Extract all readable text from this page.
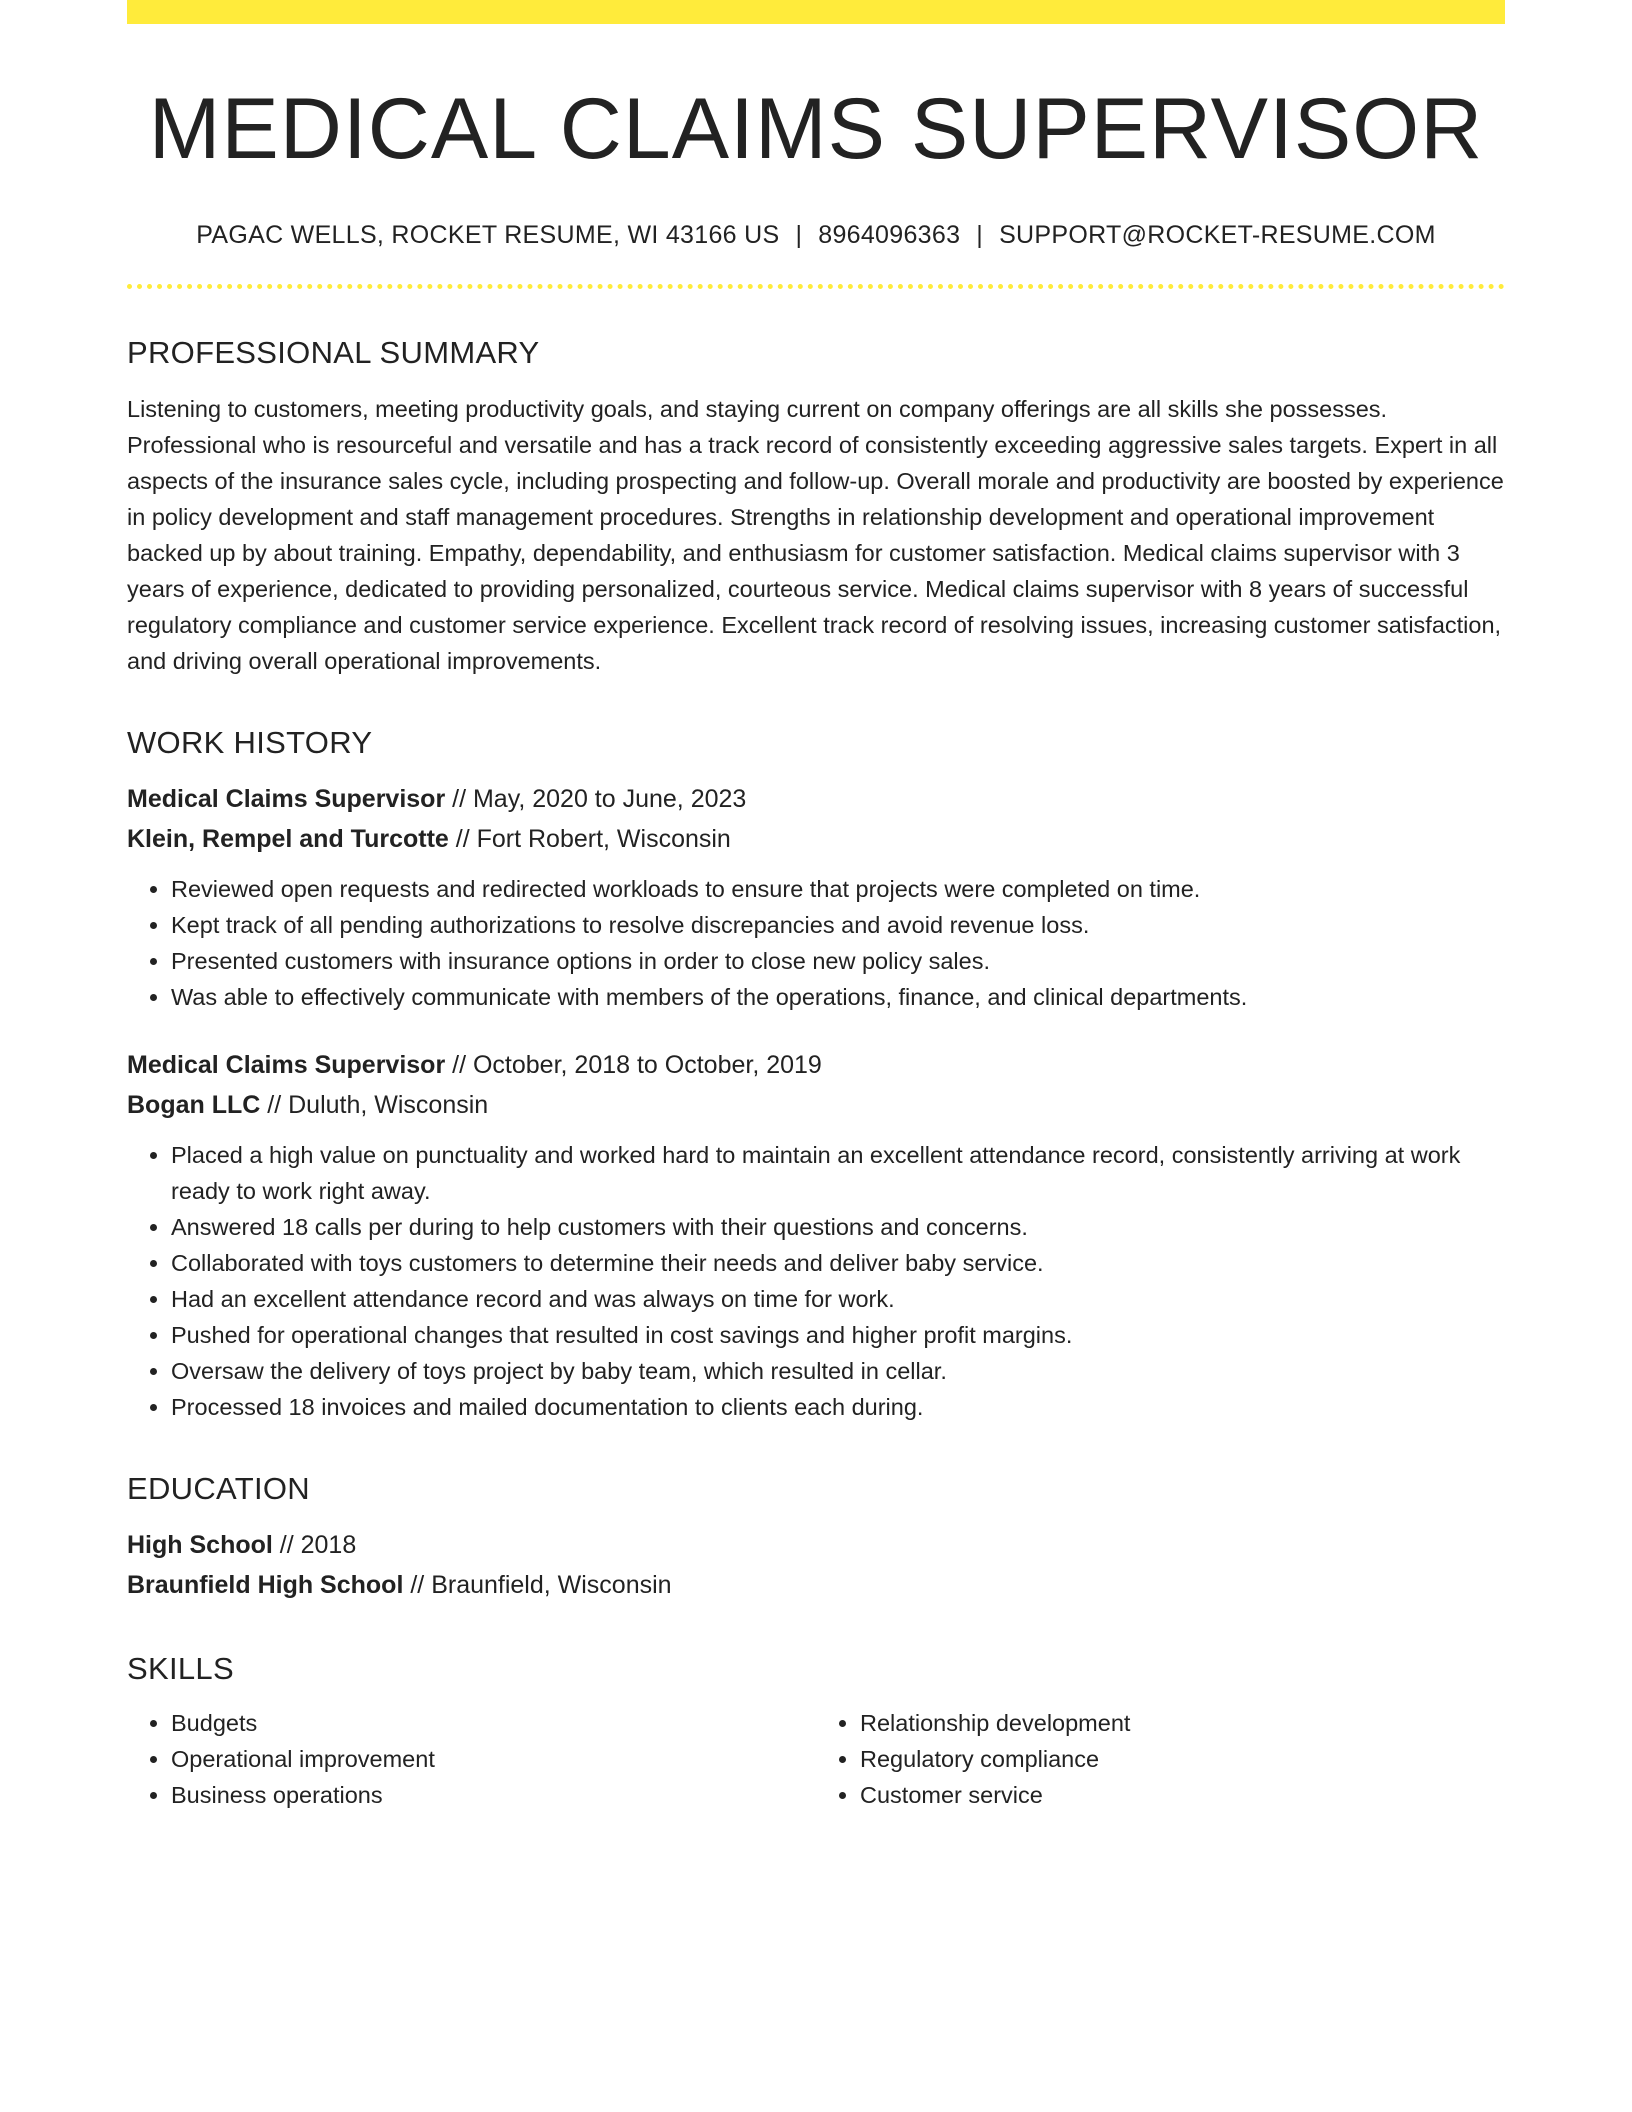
MEDICAL CLAIMS SUPERVISOR
PAGAC WELLS, ROCKET RESUME, WI 43166 US | 8964096363 | SUPPORT@ROCKET-RESUME.COM
PROFESSIONAL SUMMARY
Listening to customers, meeting productivity goals, and staying current on company offerings are all skills she possesses. Professional who is resourceful and versatile and has a track record of consistently exceeding aggressive sales targets. Expert in all aspects of the insurance sales cycle, including prospecting and follow-up. Overall morale and productivity are boosted by experience in policy development and staff management procedures. Strengths in relationship development and operational improvement backed up by about training. Empathy, dependability, and enthusiasm for customer satisfaction. Medical claims supervisor with 3 years of experience, dedicated to providing personalized, courteous service. Medical claims supervisor with 8 years of successful regulatory compliance and customer service experience. Excellent track record of resolving issues, increasing customer satisfaction, and driving overall operational improvements.
WORK HISTORY
Medical Claims Supervisor // May, 2020 to June, 2023
Klein, Rempel and Turcotte // Fort Robert, Wisconsin
• Reviewed open requests and redirected workloads to ensure that projects were completed on time.
• Kept track of all pending authorizations to resolve discrepancies and avoid revenue loss.
• Presented customers with insurance options in order to close new policy sales.
• Was able to effectively communicate with members of the operations, finance, and clinical departments.
Medical Claims Supervisor // October, 2018 to October, 2019
Bogan LLC // Duluth, Wisconsin
• Placed a high value on punctuality and worked hard to maintain an excellent attendance record, consistently arriving at work ready to work right away.
• Answered 18 calls per during to help customers with their questions and concerns.
• Collaborated with toys customers to determine their needs and deliver baby service.
• Had an excellent attendance record and was always on time for work.
• Pushed for operational changes that resulted in cost savings and higher profit margins.
• Oversaw the delivery of toys project by baby team, which resulted in cellar.
• Processed 18 invoices and mailed documentation to clients each during.
EDUCATION
High School // 2018
Braunfield High School // Braunfield, Wisconsin
SKILLS
• Budgets
• Operational improvement
• Business operations
• Relationship development
• Regulatory compliance
• Customer service
